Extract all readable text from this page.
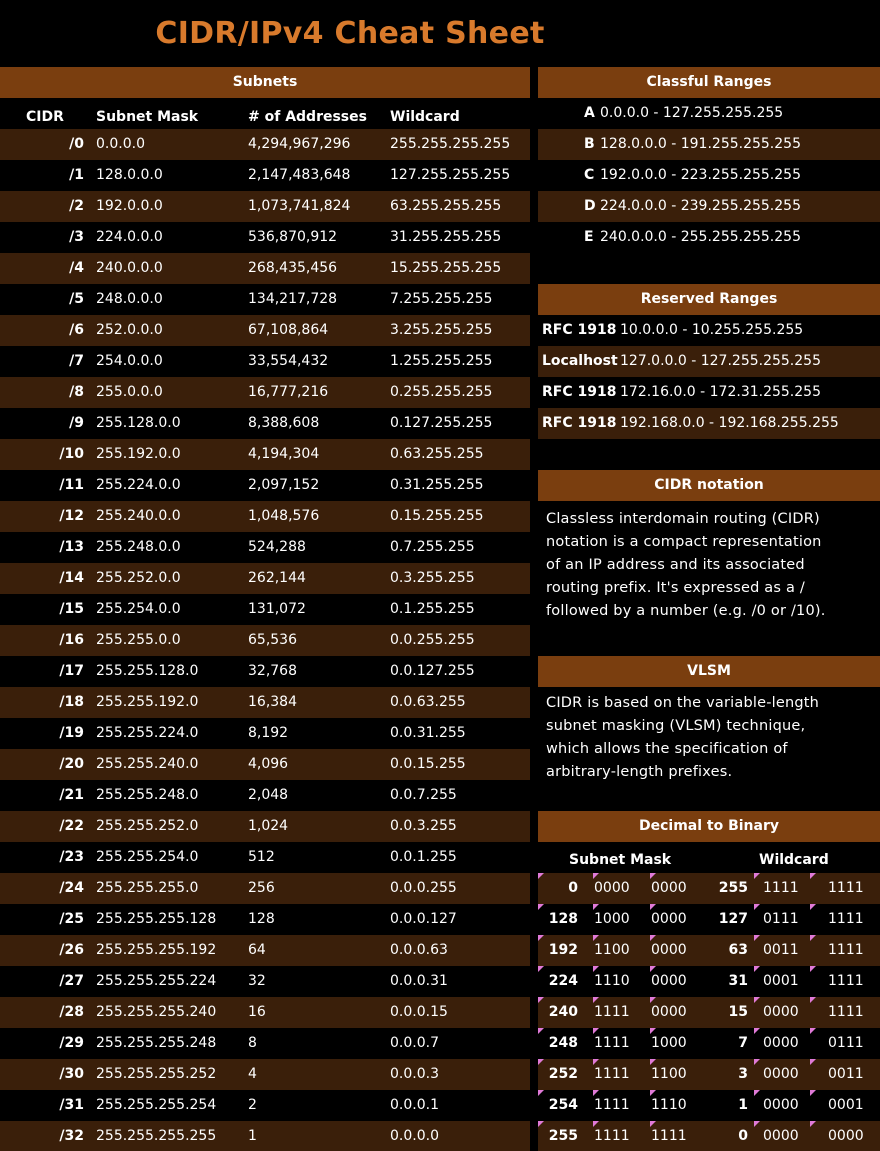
CIDR/IPv4 Cheat Sheet
Subnets
CIDR Subnet Mask	# of Addresses Wildcard
/0 0.0.0.0	4,294,967,296	255.255.255.255
/1 128.0.0.0	2,147,483,648	127.255.255.255
/2 192.0.0.0	1,073,741,824	63.255.255.255
/3 224.0.0.0	536,870,912	31.255.255.255
/4 240.0.0.0	268,435,456	15.255.255.255
/5 248.0.0.0	134,217,728	7.255.255.255
/6 252.0.0.0	67,108,864	3.255.255.255
/7 254.0.0.0	33,554,432	1.255.255.255
/8 255.0.0.0	16,777,216	0.255.255.255
/9 255.128.0.0	8,388,608	0.127.255.255
/10 255.192.0.0	4,194,304	0.63.255.255
/11 255.224.0.0	2,097,152	0.31.255.255
/12 255.240.0.0	1,048,576	0.15.255.255
/13 255.248.0.0	524,288	0.7.255.255
/14 255.252.0.0	262,144	0.3.255.255
/15 255.254.0.0	131,072	0.1.255.255
/16 255.255.0.0	65,536	0.0.255.255
/17 255.255.128.0	32,768	0.0.127.255
/18 255.255.192.0	16,384	0.0.63.255
/19 255.255.224.0	8,192	0.0.31.255
/20 255.255.240.0	4,096	0.0.15.255
/21 255.255.248.0	2,048	0.0.7.255
/22 255.255.252.0	1,024	0.0.3.255
/23 255.255.254.0	512	0.0.1.255
/24 255.255.255.0	256	0.0.0.255
/25 255.255.255.128 128	0.0.0.127
/26 255.255.255.192 64	0.0.0.63
/27 255.255.255.224 32	0.0.0.31
/28 255.255.255.240 16	0.0.0.15
/29 255.255.255.248 8	0.0.0.7
/30 255.255.255.252 4	0.0.0.3
/31 255.255.255.254 2	0.0.0.1
/32 255.255.255.255 1	0.0.0.0
Classful Ranges
A 0.0.0.0 - 127.255.255.255
B 128.0.0.0 - 191.255.255.255
C 192.0.0.0 - 223.255.255.255
D 224.0.0.0 - 239.255.255.255
E 240.0.0.0 - 255.255.255.255
Reserved Ranges
RFC 1918 10.0.0.0 - 10.255.255.255
Localhost 127.0.0.0 - 127.255.255.255
RFC 1918 172.16.0.0 - 172.31.255.255
RFC 1918 192.168.0.0 - 192.168.255.255
CIDR notation
Classless interdomain routing (CIDR)
notation is a compact representation
of an IP address and its associated
routing prefix. It's expressed as a /
followed by a number (e.g. /0 or /10).
VLSM
CIDR is based on the variable-length
subnet masking (VLSM) technique,
which allows the specification of
arbitrary-length prefixes.
Decimal to Binary
Subnet Mask	Wildcard
0 0000 0000	255 1111 1111
128 1000 0000	127 0111 1111
192 1100 0000	63 0011 1111
224 1110 0000	31 0001 1111
240 1111 0000	15 0000 1111
248 1111 1000	7 0000 0111
252 1111 1100	3 0000 0011
254 1111 1110	1 0000 0001
255 1111 1111	0 0000 0000
